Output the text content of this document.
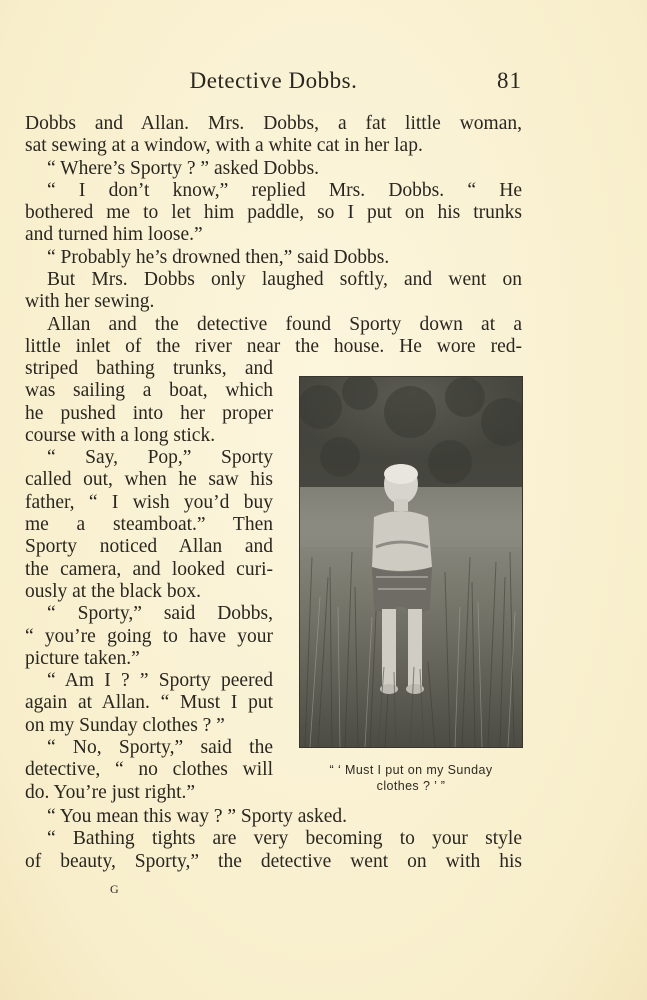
Detective Dobbs.	81
Dobbs and Allan. Mrs. Dobbs, a fat little woman,
sat sewing at a window, with a white cat in her lap.
“ Where’s Sporty ? ” asked Dobbs.
“ I don’t know,” replied Mrs. Dobbs. “ He
bothered me to let him paddle, so I put on his trunks
and turned him loose.”
“ Probably he’s drowned then,” said Dobbs.
But Mrs. Dobbs only laughed softly, and went on
with her sewing.
Allan and the detective found Sporty down at a
little inlet of the river near the house. He wore red-
striped bathing trunks, and
was sailing a boat, which
he pushed into her proper
course with a long stick.
“ Say, Pop,” Sporty
called out, when he saw his
father, “ I wish you’d buy
me a steamboat.” Then
Sporty noticed Allan and
the camera, and looked curi-
ously at the black box.
“ Sporty,” said Dobbs,
“ you’re going to have your
picture taken.”
“ Am I ? ” Sporty peered
again at Allan. “ Must I put
on my Sunday clothes ? ”
“ No, Sporty,” said the
detective, “ no clothes will
do. You’re just right.”
“ You mean this way ? ” Sporty asked.
“ Bathing tights are very becoming to your style
of beauty, Sporty,” the detective went on with his
“ ‘ Must I put on my Sunday
clothes ? ’ ”
G
